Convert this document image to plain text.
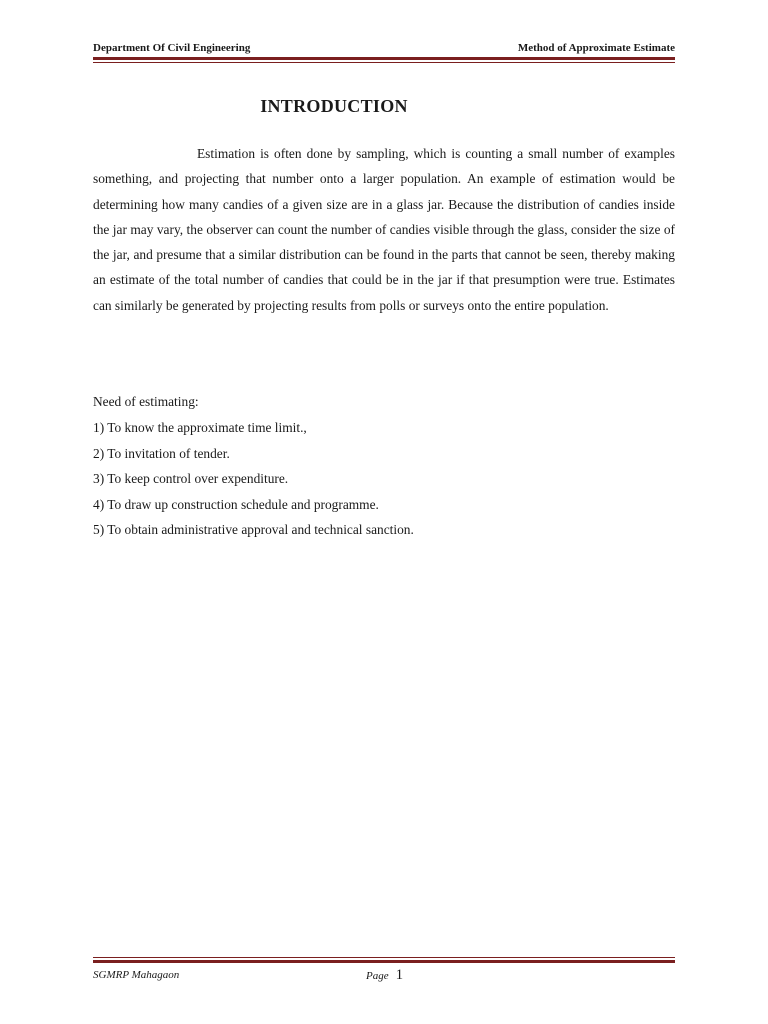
Department Of Civil Engineering	Method of Approximate Estimate
INTRODUCTION

Estimation is often done by sampling, which is counting a small number of examples something, and projecting that number onto a larger population. An example of estimation would be determining how many candies of a given size are in a glass jar. Because the distribution of candies inside the jar may vary, the observer can count the number of candies visible through the glass, consider the size of the jar, and presume that a similar distribution can be found in the parts that cannot be seen, thereby making an estimate of the total number of candies that could be in the jar if that presumption were true. Estimates can similarly be generated by projecting results from polls or surveys onto the entire population.

Need of estimating:
1) To know the approximate time limit.,
2) To invitation of tender.
3) To keep control over expenditure.
4) To draw up construction schedule and programme.
5) To obtain administrative approval and technical sanction.
SGMRP Mahagaon	Page 1
